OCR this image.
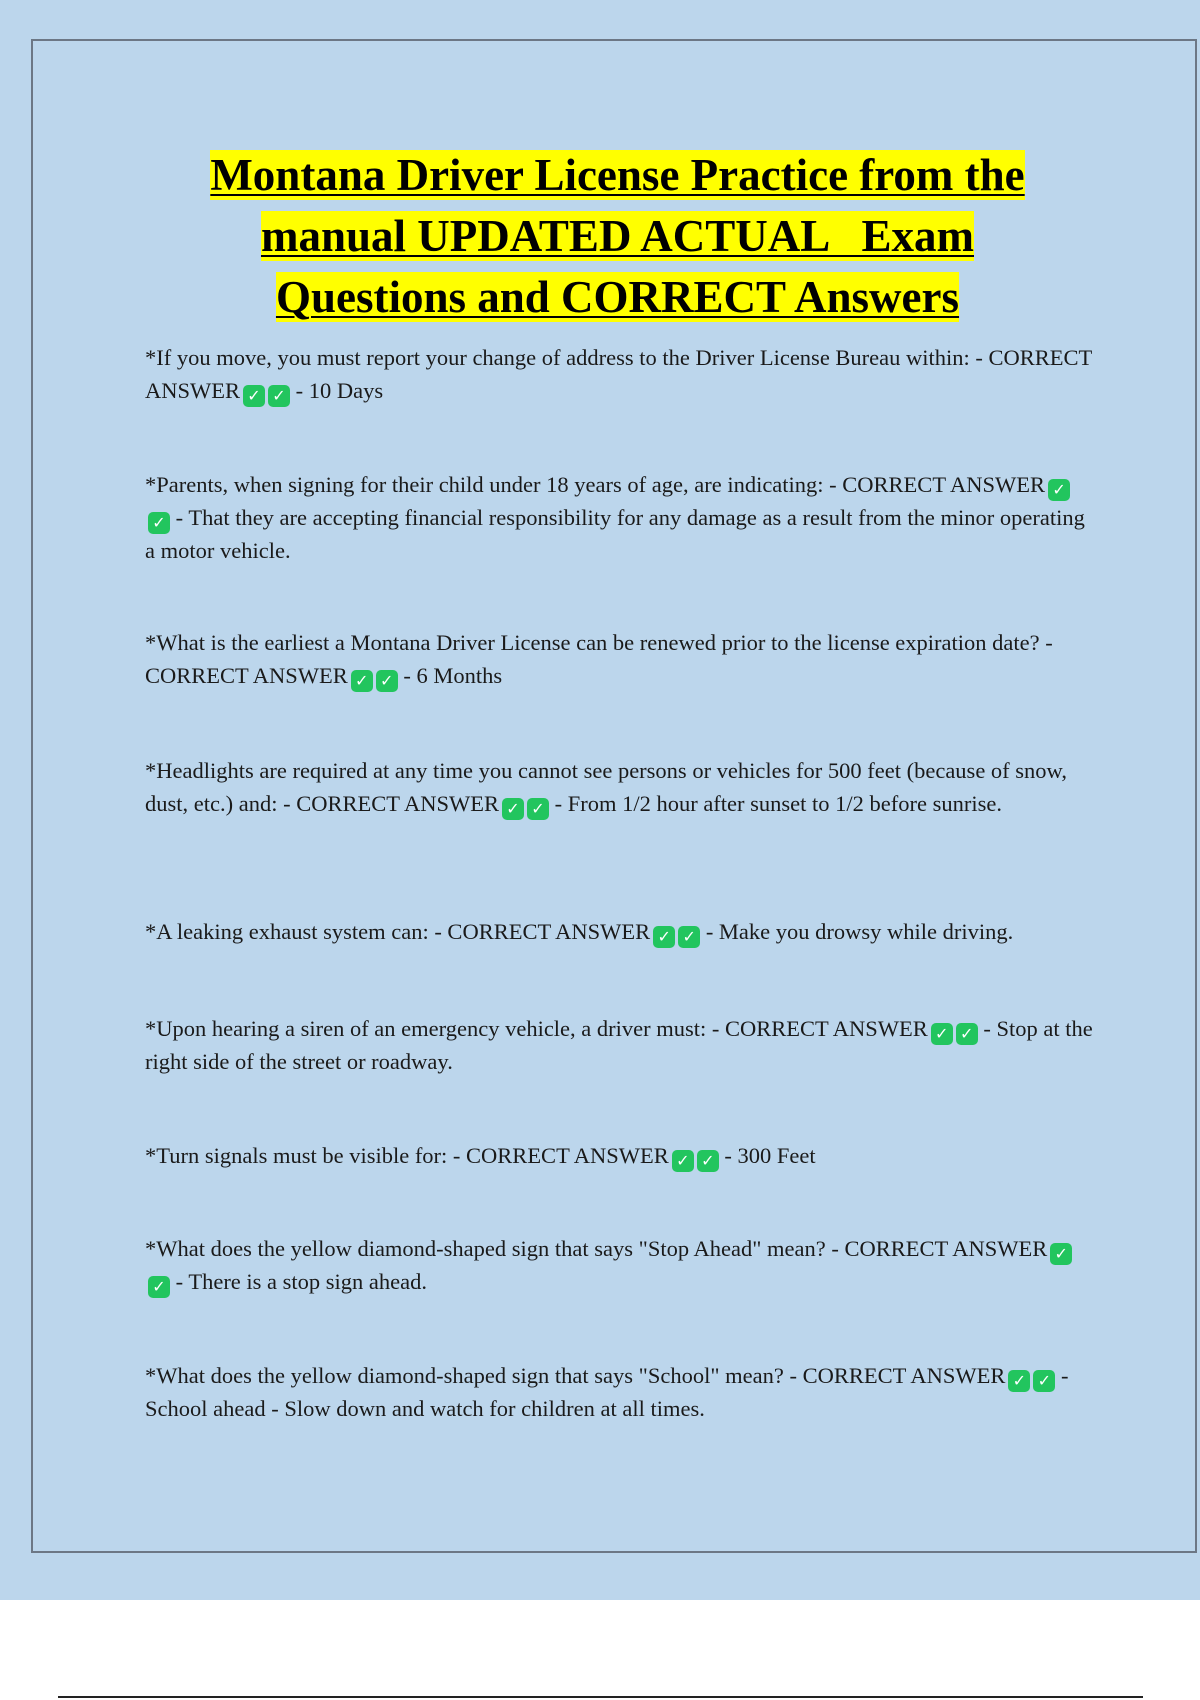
Montana Driver License Practice from the
manual UPDATED ACTUAL   Exam
Questions and CORRECT Answers
*If you move, you must report your change of address to the Driver License Bureau within: - CORRECT ANSWER ✓ ✓ - 10 Days
*Parents, when signing for their child under 18 years of age, are indicating: - CORRECT ANSWER ✓✓ - That they are accepting financial responsibility for any damage as a result from the minor operating a motor vehicle.
*What is the earliest a Montana Driver License can be renewed prior to the license expiration date? - CORRECT ANSWER ✓ ✓ - 6 Months
*Headlights are required at any time you cannot see persons or vehicles for 500 feet (because of snow, dust, etc.) and: - CORRECT ANSWER ✓ ✓ - From 1/2 hour after sunset to 1/2 before sunrise.
*A leaking exhaust system can: - CORRECT ANSWER ✓ ✓ - Make you drowsy while driving.
*Upon hearing a siren of an emergency vehicle, a driver must: - CORRECT ANSWER ✓ ✓ - Stop at the right side of the street or roadway.
*Turn signals must be visible for: - CORRECT ANSWER ✓ ✓ - 300 Feet
*What does the yellow diamond-shaped sign that says "Stop Ahead" mean? - CORRECT ANSWER ✓✓ - There is a stop sign ahead.
*What does the yellow diamond-shaped sign that says "School" mean? - CORRECT ANSWER ✓ ✓ - School ahead - Slow down and watch for children at all times.
